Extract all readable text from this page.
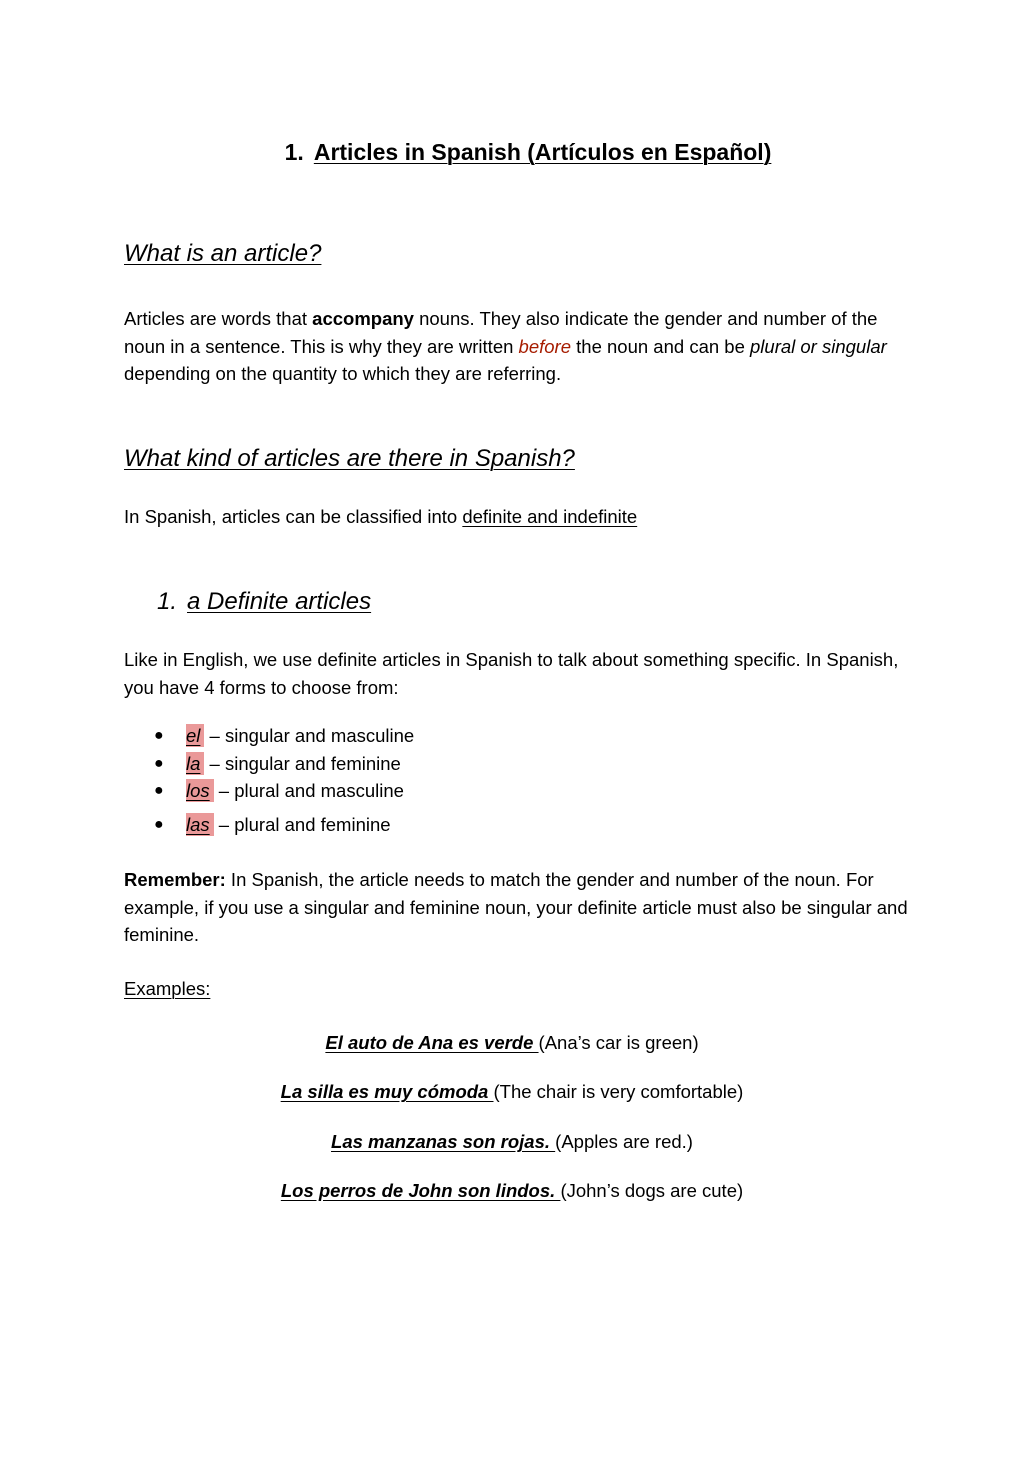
1. Articles in Spanish (Artículos en Español)
What is an article?
Articles are words that accompany nouns. They also indicate the gender and number of the noun in a sentence. This is why they are written before the noun and can be plural or singular depending on the quantity to which they are referring.
What kind of articles are there in Spanish?
In Spanish, articles can be classified into definite and indefinite
1. a Definite articles
Like in English, we use definite articles in Spanish to talk about something specific. In Spanish, you have 4 forms to choose from:
● el – singular and masculine
● la – singular and feminine
● los – plural and masculine
● las – plural and feminine
Remember: In Spanish, the article needs to match the gender and number of the noun. For example, if you use a singular and feminine noun, your definite article must also be singular and feminine.
Examples:
El auto de Ana es verde (Ana’s car is green)
La silla es muy cómoda (The chair is very comfortable)
Las manzanas son rojas. (Apples are red.)
Los perros de John son lindos. (John’s dogs are cute)
